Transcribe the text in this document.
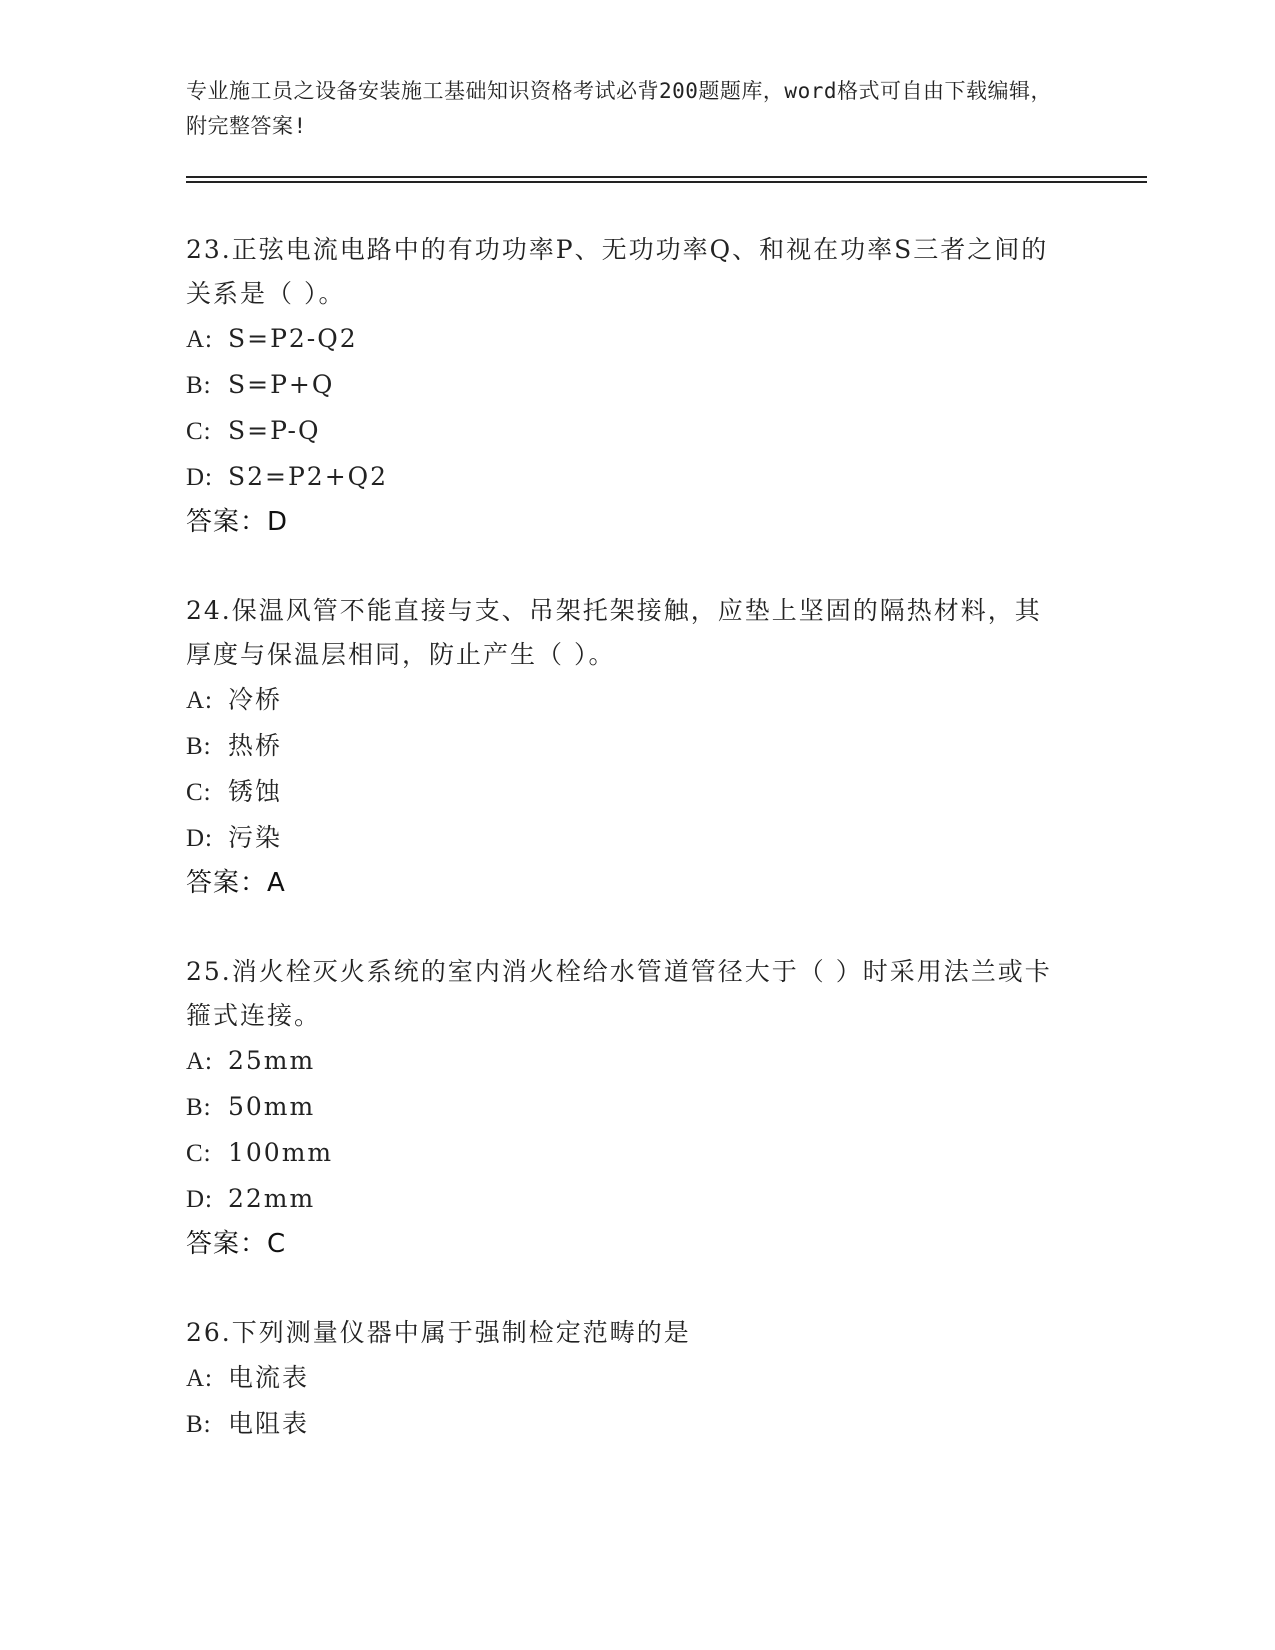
专业施工员之设备安装施工基础知识资格考试必背200题题库，word格式可自由下载编辑，附完整答案!

23.正弦电流电路中的有功功率P、无功功率Q、和视在功率S三者之间的关系是（ ）。

A: S=P2-Q2

B: S=P+Q

C: S=P-Q

D: S2=P2+Q2

答案：D

24.保温风管不能直接与支、吊架托架接触，应垫上坚固的隔热材料，其厚度与保温层相同，防止产生（ ）。

A: 冷桥

B: 热桥

C: 锈蚀

D: 污染

答案：A

25.消火栓灭火系统的室内消火栓给水管道管径大于（ ）时采用法兰或卡箍式连接。

A: 25mm

B: 50mm

C: 100mm

D: 22mm

答案：C

26.下列测量仪器中属于强制检定范畴的是

A: 电流表

B: 电阻表
